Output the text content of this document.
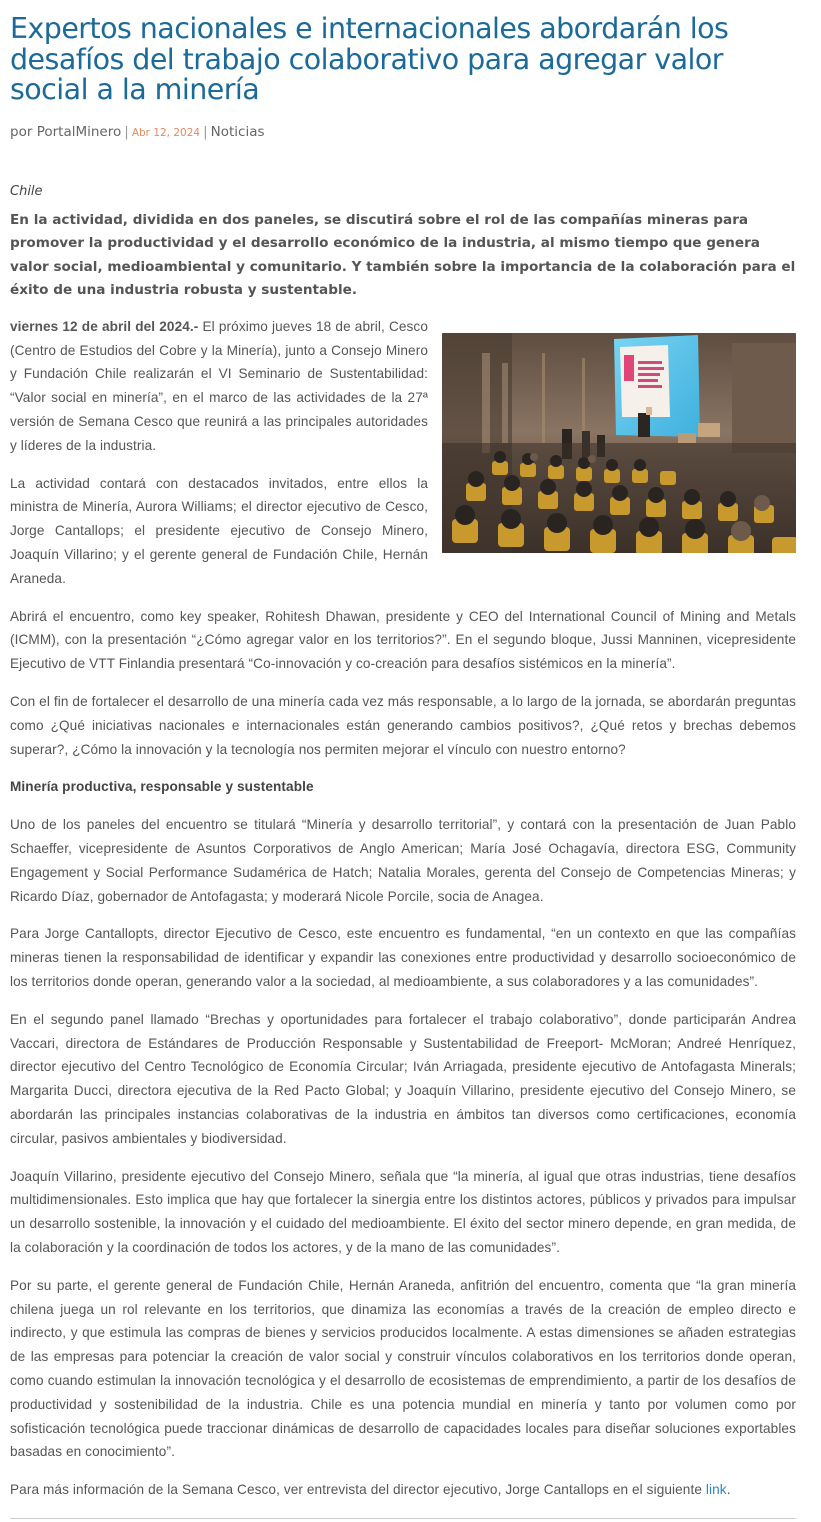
Expertos nacionales e internacionales abordarán los desafíos del trabajo colaborativo para agregar valor social a la minería
por PortalMinero | Abr 12, 2024 | Noticias
Chile
En la actividad, dividida en dos paneles, se discutirá sobre el rol de las compañías mineras para promover la productividad y el desarrollo económico de la industria, al mismo tiempo que genera valor social, medioambiental y comunitario. Y también sobre la importancia de la colaboración para el éxito de una industria robusta y sustentable.

viernes 12 de abril del 2024.- El próximo jueves 18 de abril, Cesco (Centro de Estudios del Cobre y la Minería), junto a Consejo Minero y Fundación Chile realizarán el VI Seminario de Sustentabilidad: “Valor social en minería”, en el marco de las actividades de la 27ª versión de Semana Cesco que reunirá a las principales autoridades y líderes de la industria.

La actividad contará con destacados invitados, entre ellos la ministra de Minería, Aurora Williams; el director ejecutivo de Cesco, Jorge Cantallops; el presidente ejecutivo de Consejo Minero, Joaquín Villarino; y el gerente general de Fundación Chile, Hernán Araneda.

Abrirá el encuentro, como key speaker, Rohitesh Dhawan, presidente y CEO del International Council of Mining and Metals (ICMM), con la presentación “¿Cómo agregar valor en los territorios?”. En el segundo bloque, Jussi Manninen, vicepresidente Ejecutivo de VTT Finlandia presentará “Co-innovación y co-creación para desafíos sistémicos en la minería”.

Con el fin de fortalecer el desarrollo de una minería cada vez más responsable, a lo largo de la jornada, se abordarán preguntas como ¿Qué iniciativas nacionales e internacionales están generando cambios positivos?, ¿Qué retos y brechas debemos superar?, ¿Cómo la innovación y la tecnología nos permiten mejorar el vínculo con nuestro entorno?

Minería productiva, responsable y sustentable

Uno de los paneles del encuentro se titulará “Minería y desarrollo territorial”, y contará con la presentación de Juan Pablo Schaeffer, vicepresidente de Asuntos Corporativos de Anglo American; María José Ochagavía, directora ESG, Community Engagement y Social Performance Sudamérica de Hatch; Natalia Morales, gerenta del Consejo de Competencias Mineras; y Ricardo Díaz, gobernador de Antofagasta; y moderará Nicole Porcile, socia de Anagea.

Para Jorge Cantallopts, director Ejecutivo de Cesco, este encuentro es fundamental, “en un contexto en que las compañías mineras tienen la responsabilidad de identificar y expandir las conexiones entre productividad y desarrollo socioeconómico de los territorios donde operan, generando valor a la sociedad, al medioambiente, a sus colaboradores y a las comunidades”.

En el segundo panel llamado “Brechas y oportunidades para fortalecer el trabajo colaborativo”, donde participarán Andrea Vaccari, directora de Estándares de Producción Responsable y Sustentabilidad de Freeport- McMoran; Andreé Henríquez, director ejecutivo del Centro Tecnológico de Economía Circular; Iván Arriagada, presidente ejecutivo de Antofagasta Minerals; Margarita Ducci, directora ejecutiva de la Red Pacto Global; y Joaquín Villarino, presidente ejecutivo del Consejo Minero, se abordarán las principales instancias colaborativas de la industria en ámbitos tan diversos como certificaciones, economía circular, pasivos ambientales y biodiversidad.

Joaquín Villarino, presidente ejecutivo del Consejo Minero, señala que “la minería, al igual que otras industrias, tiene desafíos multidimensionales. Esto implica que hay que fortalecer la sinergia entre los distintos actores, públicos y privados para impulsar un desarrollo sostenible, la innovación y el cuidado del medioambiente. El éxito del sector minero depende, en gran medida, de la colaboración y la coordinación de todos los actores, y de la mano de las comunidades”.

Por su parte, el gerente general de Fundación Chile, Hernán Araneda, anfitrión del encuentro, comenta que “la gran minería chilena juega un rol relevante en los territorios, que dinamiza las economías a través de la creación de empleo directo e indirecto, y que estimula las compras de bienes y servicios producidos localmente. A estas dimensiones se añaden estrategias de las empresas para potenciar la creación de valor social y construir vínculos colaborativos en los territorios donde operan, como cuando estimulan la innovación tecnológica y el desarrollo de ecosistemas de emprendimiento, a partir de los desafíos de productividad y sostenibilidad de la industria. Chile es una potencia mundial en minería y tanto por volumen como por sofisticación tecnológica puede traccionar dinámicas de desarrollo de capacidades locales para diseñar soluciones exportables basadas en conocimiento”.

Para más información de la Semana Cesco, ver entrevista del director ejecutivo, Jorge Cantallops en el siguiente link.
